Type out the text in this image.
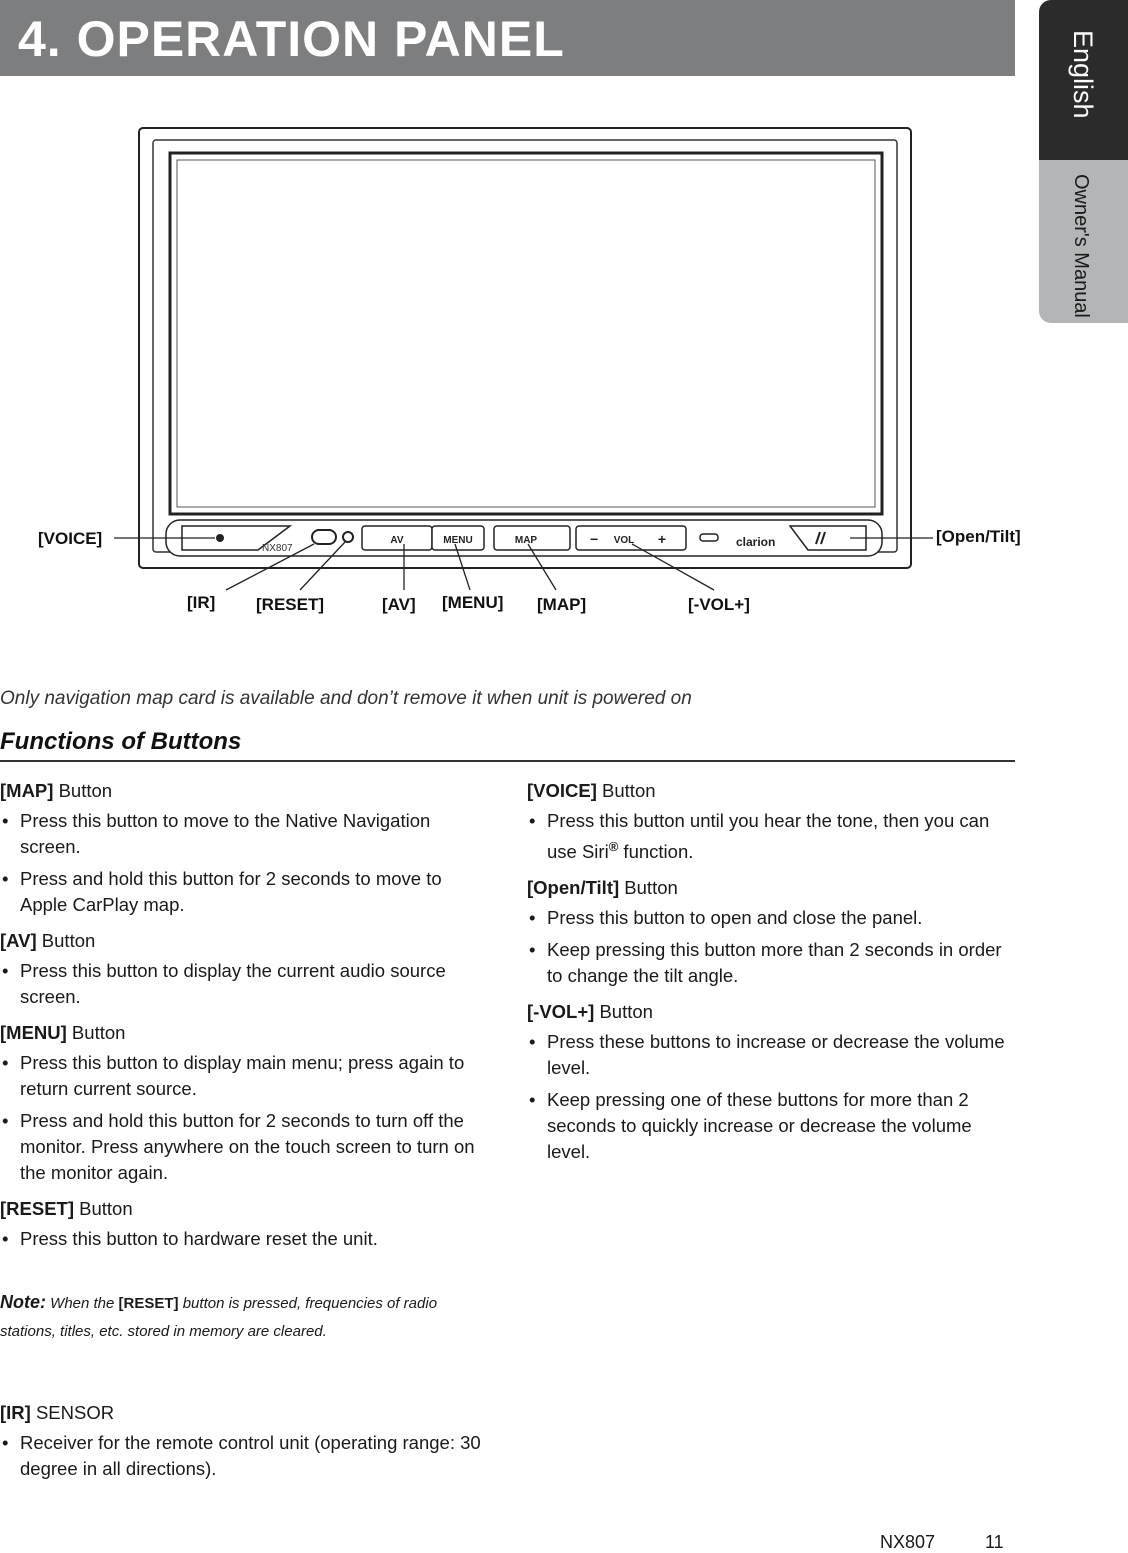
4. OPERATION PANEL	English
Owner's Manual
NX807
AV	MENU	MAP	− VOL +	clarion
[VOICE]	[Open/Tilt]
[IR] [RESET]	[AV] [MENU] [MAP]	[-VOL+]
Only navigation map card is available and don’t remove it when unit is powered on
Functions of Buttons
[MAP] Button
• Press this button to move to the Native Navigation screen.
• Press and hold this button for 2 seconds to move to Apple CarPlay map.
[AV] Button
• Press this button to display the current audio source screen.
[MENU] Button
• Press this button to display main menu; press again to return current source.
• Press and hold this button for 2 seconds to turn off the monitor. Press anywhere on the touch screen to turn on the monitor again.
[RESET] Button
• Press this button to hardware reset the unit.
Note: When the [RESET] button is pressed, frequencies of radio stations, titles, etc. stored in memory are cleared.
[IR] SENSOR
• Receiver for the remote control unit (operating range: 30 degree in all directions).
[VOICE] Button
• Press this button until you hear the tone, then you can use Siri® function.
[Open/Tilt] Button
• Press this button to open and close the panel.
• Keep pressing this button more than 2 seconds in order to change the tilt angle.
[-VOL+] Button
• Press these buttons to increase or decrease the volume level.
• Keep pressing one of these buttons for more than 2 seconds to quickly increase or decrease the volume level.
NX807	11
